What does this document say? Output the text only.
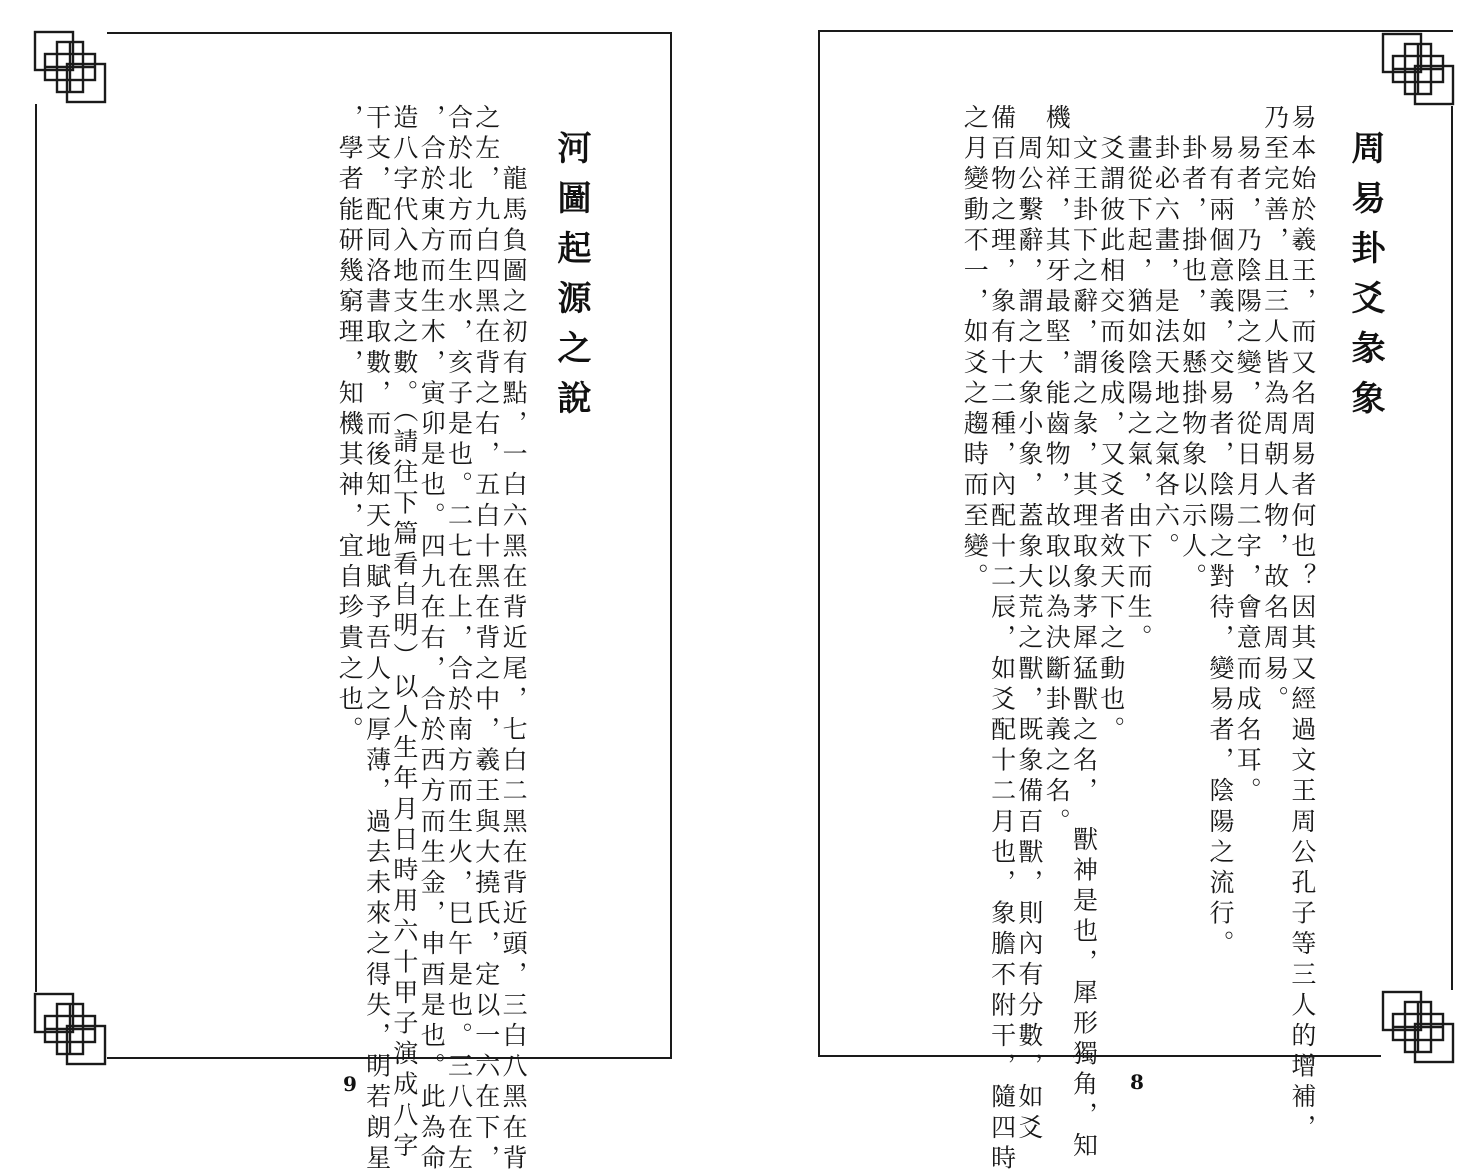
河圖起源之說
　　龍馬負圖之初有點，一白六黑在背近尾，七白二黑在背近頭，三白八黑在背
之左，九白四黑在背之右，五白十黑在背之中，羲王與大撓氏，定以一六在下，
合於北方而生水，亥子是也。二七在上，合於南方而生火，巳午是也。三八在左
，合於東方而生木，寅卯是也。四九在右，合於西方而生金，申酉是也。此為命
造八字代入地支之數。（請往下篇看自明）以人生年月日時用六十甲子演成八字
干支，配同洛書取數，而後知天地賦予吾人之厚薄，過去未來之得失，明若朗星
，學者能研幾窮理，知機其神，宜自珍貴之也。
9
周易卦爻彖象
易本始於羲王，而又名周易者何也？因其又經過文王周公孔子等三人的增補，
乃至完善，且三人皆為周朝人物，故名周易。
　易者，乃陰陽之變，從日月二字，會意而成名耳。
　易有兩個意義，交易者，陰陽之對待，變易者，陰陽之流行。
　卦者，掛也，如懸掛物象以示人。
　卦必六畫，是法天地之氣各六。
　畫從下起，猶如陰陽之氣，由下而生。
　爻謂彼此相交而後成，又爻者效天下之動也。
　文王卦下之辭，謂之彖，其理取象茅犀猛獸之名，　獸神是也，犀形獨角，知
機知祥，其牙最堅，能齒物，故取以為決斷卦義之名。
　周公繫辭，謂之大象小象，蓋象大荒之獸，既象備百獸，則內有分數，如爻
備百物之理，象有十二種，內配十二辰，如爻配十二月也，象膽不附干，隨四時
之月變動不一，如爻之趨時而至變。
8
